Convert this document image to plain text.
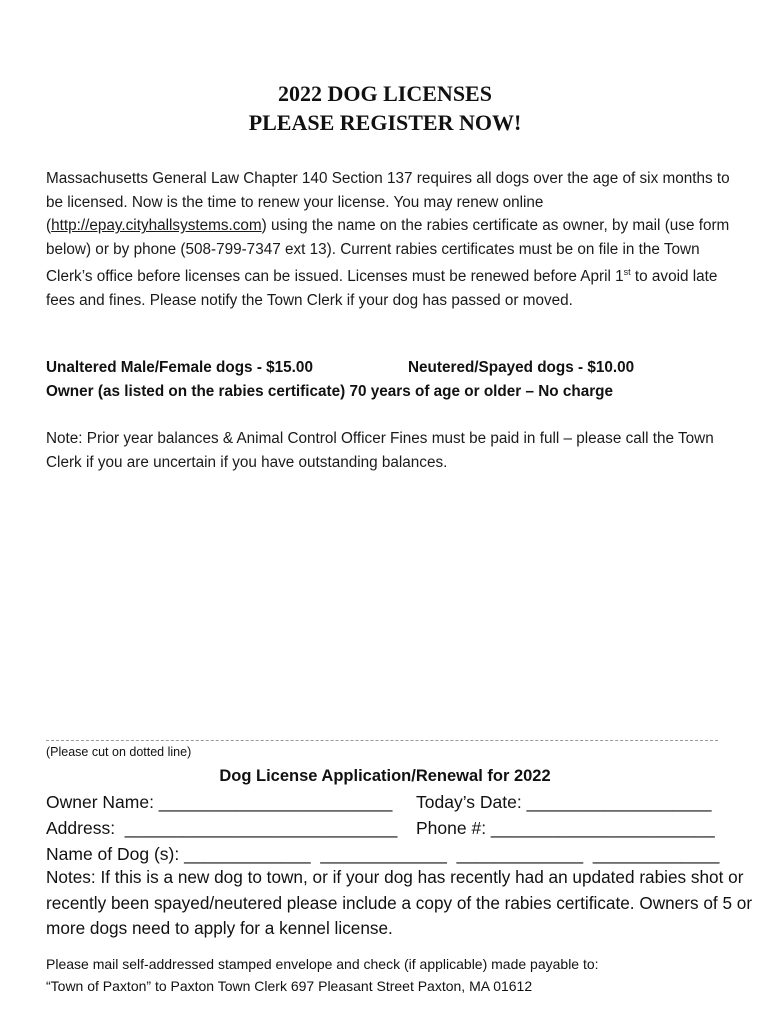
2022 DOG LICENSES
PLEASE REGISTER NOW!
Massachusetts General Law Chapter 140 Section 137 requires all dogs over the age of six months to be licensed. Now is the time to renew your license. You may renew online (http://epay.cityhallsystems.com) using the name on the rabies certificate as owner, by mail (use form below) or by phone (508-799-7347 ext 13). Current rabies certificates must be on file in the Town Clerk’s office before licenses can be issued. Licenses must be renewed before April 1st to avoid late fees and fines. Please notify the Town Clerk if your dog has passed or moved.
Unaltered Male/Female dogs - $15.00	Neutered/Spayed dogs - $10.00
Owner (as listed on the rabies certificate) 70 years of age or older – No charge
Note: Prior year balances & Animal Control Officer Fines must be paid in full – please call the Town Clerk if you are uncertain if you have outstanding balances.
(Please cut on dotted line)
Dog License Application/Renewal for 2022
Owner Name: ________________________ Today’s Date: ___________________
Address:  ____________________________ Phone #: _______________________
Name of Dog (s): _____________  _____________  _____________  _____________
Notes: If this is a new dog to town, or if your dog has recently had an updated rabies shot or recently been spayed/neutered please include a copy of the rabies certificate. Owners of 5 or more dogs need to apply for a kennel license.
Please mail self-addressed stamped envelope and check (if applicable) made payable to:
“Town of Paxton” to Paxton Town Clerk 697 Pleasant Street Paxton, MA 01612
